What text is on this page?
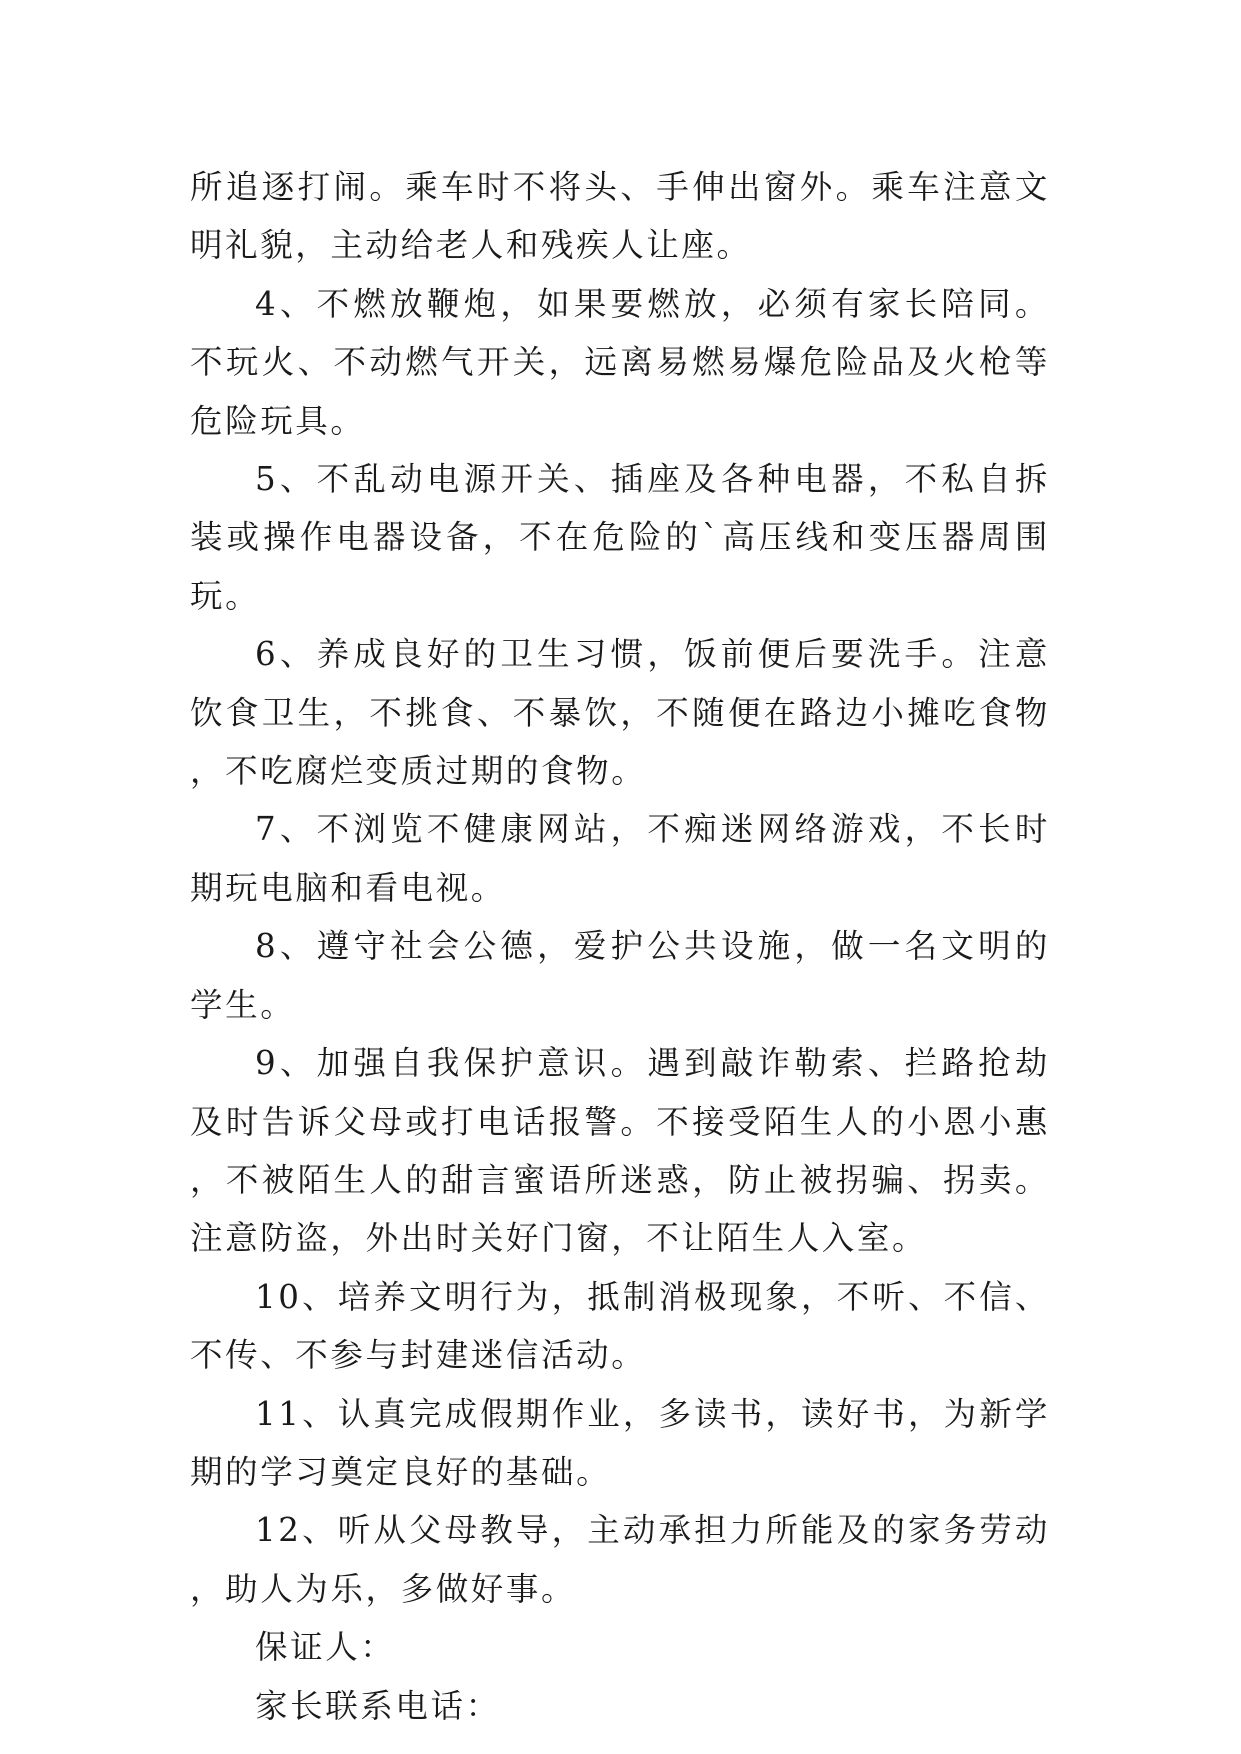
所追逐打闹。乘车时不将头、手伸出窗外。乘车注意文明礼貌，主动给老人和残疾人让座。

4、不燃放鞭炮，如果要燃放，必须有家长陪同。不玩火、不动燃气开关，远离易燃易爆危险品及火枪等危险玩具。

5、不乱动电源开关、插座及各种电器，不私自拆装或操作电器设备，不在危险的`高压线和变压器周围玩。

6、养成良好的卫生习惯，饭前便后要洗手。注意饮食卫生，不挑食、不暴饮，不随便在路边小摊吃食物，不吃腐烂变质过期的食物。

7、不浏览不健康网站，不痴迷网络游戏，不长时期玩电脑和看电视。

8、遵守社会公德，爱护公共设施，做一名文明的学生。

9、加强自我保护意识。遇到敲诈勒索、拦路抢劫及时告诉父母或打电话报警。不接受陌生人的小恩小惠，不被陌生人的甜言蜜语所迷惑，防止被拐骗、拐卖。注意防盗，外出时关好门窗，不让陌生人入室。

10、培养文明行为，抵制消极现象，不听、不信、不传、不参与封建迷信活动。

11、认真完成假期作业，多读书，读好书，为新学期的学习奠定良好的基础。

12、听从父母教导，主动承担力所能及的家务劳动，助人为乐，多做好事。

保证人：

家长联系电话：
